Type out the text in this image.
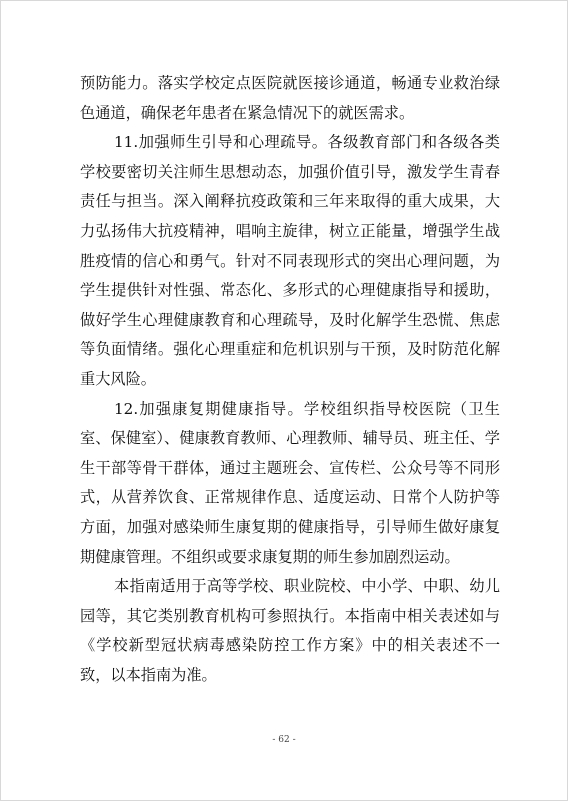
预防能力。落实学校定点医院就医接诊通道，畅通专业救治绿色通道，确保老年患者在紧急情况下的就医需求。

11.加强师生引导和心理疏导。各级教育部门和各级各类学校要密切关注师生思想动态，加强价值引导，激发学生青春责任与担当。深入阐释抗疫政策和三年来取得的重大成果，大力弘扬伟大抗疫精神，唱响主旋律，树立正能量，增强学生战胜疫情的信心和勇气。针对不同表现形式的突出心理问题，为学生提供针对性强、常态化、多形式的心理健康指导和援助，做好学生心理健康教育和心理疏导，及时化解学生恐慌、焦虑等负面情绪。强化心理重症和危机识别与干预，及时防范化解重大风险。

12.加强康复期健康指导。学校组织指导校医院（卫生室、保健室）、健康教育教师、心理教师、辅导员、班主任、学生干部等骨干群体，通过主题班会、宣传栏、公众号等不同形式，从营养饮食、正常规律作息、适度运动、日常个人防护等方面，加强对感染师生康复期的健康指导，引导师生做好康复期健康管理。不组织或要求康复期的师生参加剧烈运动。

本指南适用于高等学校、职业院校、中小学、中职、幼儿园等，其它类别教育机构可参照执行。本指南中相关表述如与《学校新型冠状病毒感染防控工作方案》中的相关表述不一致，以本指南为准。

- 62 -
